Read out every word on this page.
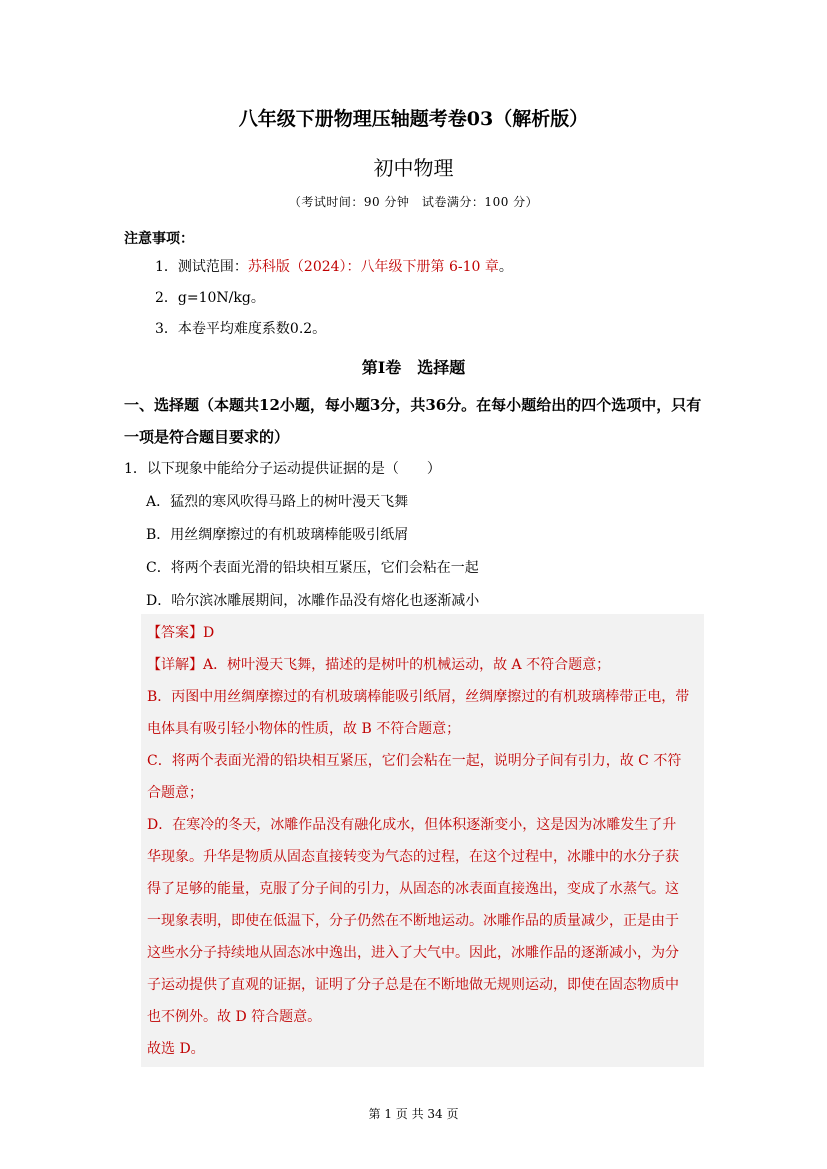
八年级下册物理压轴题考卷03（解析版）
初中物理
（考试时间：90 分钟　试卷满分：100 分）
注意事项：
1．测试范围：苏科版（2024）：八年级下册第 6-10 章。
2．g=10N/kg。
3．本卷平均难度系数0.2。
第Ⅰ卷　选择题
一、选择题（本题共12小题，每小题3分，共36分。在每小题给出的四个选项中，只有
一项是符合题目要求的）
1．以下现象中能给分子运动提供证据的是（　　）
A．猛烈的寒风吹得马路上的树叶漫天飞舞
B．用丝绸摩擦过的有机玻璃棒能吸引纸屑
C．将两个表面光滑的铅块相互紧压，它们会粘在一起
D．哈尔滨冰雕展期间，冰雕作品没有熔化也逐渐减小
【答案】D
【详解】A．树叶漫天飞舞，描述的是树叶的机械运动，故 A 不符合题意；
B．丙图中用丝绸摩擦过的有机玻璃棒能吸引纸屑，丝绸摩擦过的有机玻璃棒带正电，带
电体具有吸引轻小物体的性质，故 B 不符合题意；
C．将两个表面光滑的铅块相互紧压，它们会粘在一起，说明分子间有引力，故 C 不符
合题意；
D．在寒冷的冬天，冰雕作品没有融化成水，但体积逐渐变小，这是因为冰雕发生了升
华现象。升华是物质从固态直接转变为气态的过程，在这个过程中，冰雕中的水分子获
得了足够的能量，克服了分子间的引力，从固态的冰表面直接逸出，变成了水蒸气。这
一现象表明，即使在低温下，分子仍然在不断地运动。冰雕作品的质量减少，正是由于
这些水分子持续地从固态冰中逸出，进入了大气中。因此，冰雕作品的逐渐减小，为分
子运动提供了直观的证据，证明了分子总是在不断地做无规则运动，即使在固态物质中
也不例外。故 D 符合题意。
故选 D。
第 1 页 共 34 页
